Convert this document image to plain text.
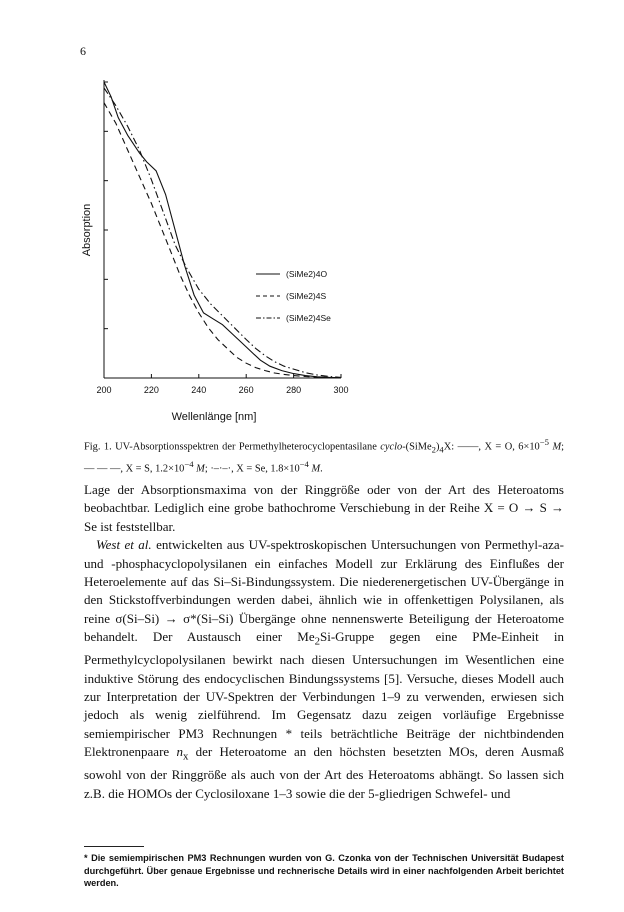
6
200	220	240	260	280	300
Absorption
Wellenlänge [nm]
(SiMe2)4O
(SiMe2)4S
(SiMe2)4Se
Fig. 1. UV-Absorptionsspektren der Permethylheterocyclopentasilane cyclo-$(SiMe_2)_4X$: ——, X = O, $6\times 10^{-5}$ M; — — —, X = S, $1.2\times 10^{-4}$ M; ·–·–·, X = Se, $1.8\times 10^{-4}$ M.

Lage der Absorptionsmaxima von der Ringgröße oder von der Art des Heteroatoms beobachtbar. Lediglich eine grobe bathochrome Verschiebung in der Reihe X = O → S → Se ist feststellbar.

West et al. entwickelten aus UV-spektroskopischen Untersuchungen von Permethyl-aza- und -phosphacyclopolysilanen ein einfaches Modell zur Erklärung des Einflußes der Heteroelemente auf das Si–Si-Bindungssystem. Die niederenergetischen UV-Übergänge in den Stickstoffverbindungen werden dabei, ähnlich wie in offenkettigen Polysilanen, als reine σ(Si–Si) → σ*(Si–Si) Übergänge ohne nennenswerte Beteiligung der Heteroatome behandelt. Der Austausch einer $Me_2Si$-Gruppe gegen eine PMe-Einheit in Permethylcyclopolysilanen bewirkt nach diesen Untersuchungen im Wesentlichen eine induktive Störung des endocyclischen Bindungssystems [5]. Versuche, dieses Modell auch zur Interpretation der UV-Spektren der Verbindungen 1–9 zu verwenden, erwiesen sich jedoch als wenig zielführend. Im Gegensatz dazu zeigen vorläufige Ergebnisse semiempirischer PM3 Rechnungen * teils beträchtliche Beiträge der nichtbindenden Elektronenpaare $n_x$ der Heteroatome an den höchsten besetzten MOs, deren Ausmaß sowohl von der Ringgröße als auch von der Art des Heteroatoms abhängt. So lassen sich z.B. die HOMOs der Cyclosiloxane 1–3 sowie die der 5-gliedrigen Schwefel- und

* Die semiempirischen PM3 Rechnungen wurden von G. Czonka von der Technischen Universität Budapest durchgeführt. Über genaue Ergebnisse und rechnerische Details wird in einer nachfolgenden Arbeit berichtet werden.
